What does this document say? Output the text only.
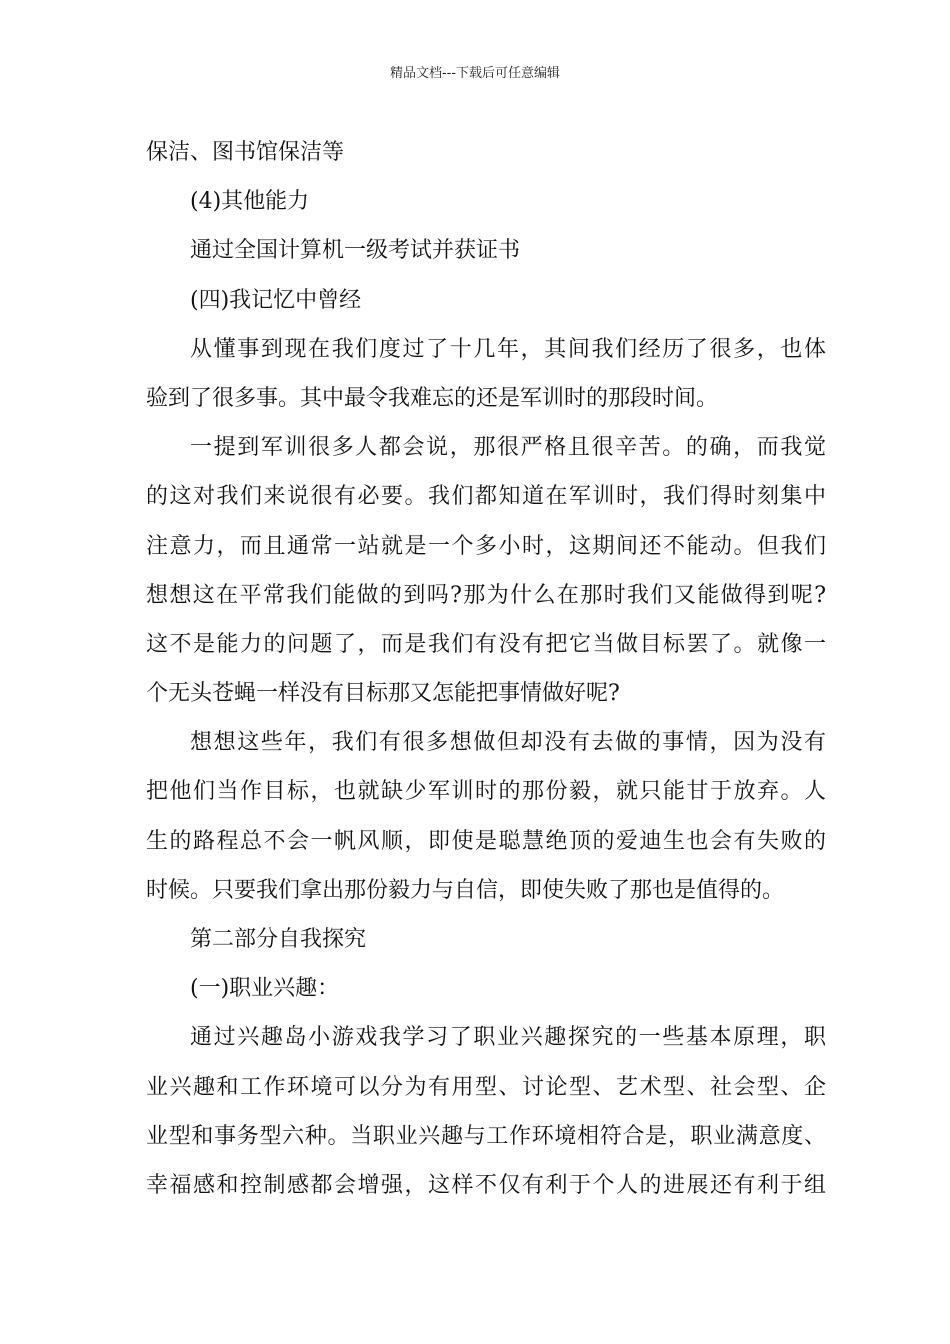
精品文档---下载后可任意编辑
保洁、图书馆保洁等
(4)其他能力
通过全国计算机一级考试并获证书
(四)我记忆中曾经
从懂事到现在我们度过了十几年，其间我们经历了很多，也体
验到了很多事。其中最令我难忘的还是军训时的那段时间。
一提到军训很多人都会说，那很严格且很辛苦。的确，而我觉
的这对我们来说很有必要。我们都知道在军训时，我们得时刻集中
注意力，而且通常一站就是一个多小时，这期间还不能动。但我们
想想这在平常我们能做的到吗?那为什么在那时我们又能做得到呢?
这不是能力的问题了，而是我们有没有把它当做目标罢了。就像一
个无头苍蝇一样没有目标那又怎能把事情做好呢?
想想这些年，我们有很多想做但却没有去做的事情，因为没有
把他们当作目标，也就缺少军训时的那份毅，就只能甘于放弃。人
生的路程总不会一帆风顺，即使是聪慧绝顶的爱迪生也会有失败的
时候。只要我们拿出那份毅力与自信，即使失败了那也是值得的。
第二部分自我探究
(一)职业兴趣：
通过兴趣岛小游戏我学习了职业兴趣探究的一些基本原理，职
业兴趣和工作环境可以分为有用型、讨论型、艺术型、社会型、企
业型和事务型六种。当职业兴趣与工作环境相符合是，职业满意度、
幸福感和控制感都会增强，这样不仅有利于个人的进展还有利于组
